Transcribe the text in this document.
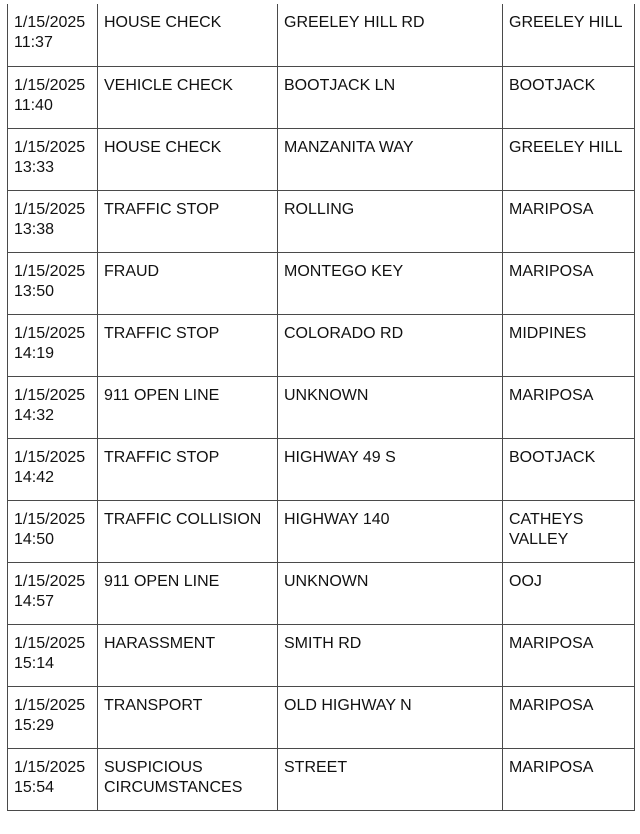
1/15/2025
11:37	HOUSE CHECK	GREELEY HILL RD	GREELEY HILL

1/15/2025
11:40	VEHICLE CHECK	BOOTJACK LN	BOOTJACK

1/15/2025
13:33	HOUSE CHECK	MANZANITA WAY	GREELEY HILL

1/15/2025
13:38	TRAFFIC STOP	ROLLING	MARIPOSA

1/15/2025
13:50	FRAUD	MONTEGO KEY	MARIPOSA

1/15/2025
14:19	TRAFFIC STOP	COLORADO RD	MIDPINES

1/15/2025
14:32	911 OPEN LINE	UNKNOWN	MARIPOSA

1/15/2025
14:42	TRAFFIC STOP	HIGHWAY 49 S	BOOTJACK

1/15/2025
14:50	TRAFFIC COLLISION	HIGHWAY 140	CATHEYS VALLEY

1/15/2025
14:57	911 OPEN LINE	UNKNOWN	OOJ

1/15/2025
15:14	HARASSMENT	SMITH RD	MARIPOSA

1/15/2025
15:29	TRANSPORT	OLD HIGHWAY N	MARIPOSA

1/15/2025
15:54	SUSPICIOUS CIRCUMSTANCES	STREET	MARIPOSA
